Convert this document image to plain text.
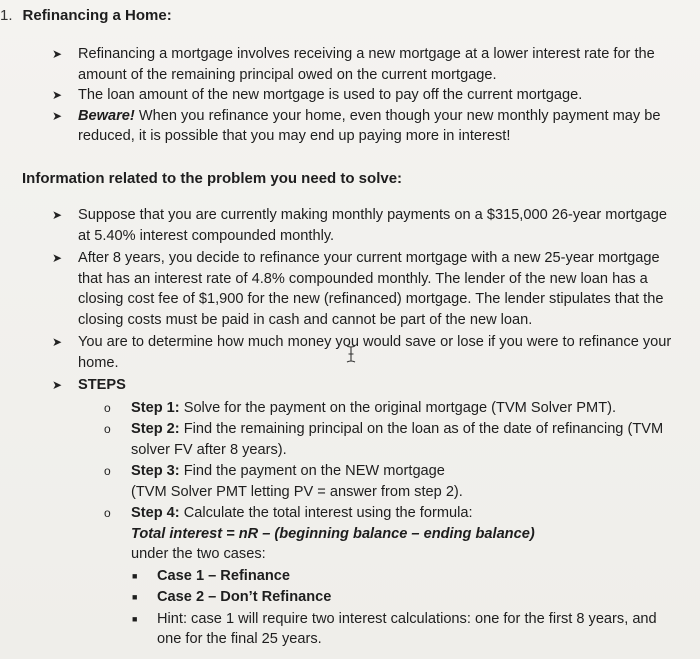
1. Refinancing a Home:
➤	Refinancing a mortgage involves receiving a new mortgage at a lower interest rate for the amount of the remaining principal owed on the current mortgage.
➤	The loan amount of the new mortgage is used to pay off the current mortgage.
➤	Beware! When you refinance your home, even though your new monthly payment may be reduced, it is possible that you may end up paying more in interest!
Information related to the problem you need to solve:
➤	Suppose that you are currently making monthly payments on a $315,000 26-year mortgage at 5.40% interest compounded monthly.
➤	After 8 years, you decide to refinance your current mortgage with a new 25-year mortgage that has an interest rate of 4.8% compounded monthly. The lender of the new loan has a closing cost fee of $1,900 for the new (refinanced) mortgage. The lender stipulates that the closing costs must be paid in cash and cannot be part of the new loan.
➤	You are to determine how much money yo
u would save or lose if you were to refinance your home.
➤	STEPS
o	Step 1: Solve for the payment on the original mortgage (TVM Solver PMT).
o	Step 2: Find the remaining principal on the loan as of the date of refinancing (TVM solver FV after 8 years).
o	Step 3: Find the payment on the NEW mortgage
(TVM Solver PMT letting PV = answer from step 2).
o	Step 4: Calculate the total interest using the formula:
Total interest = nR – (beginning balance – ending balance)
under the two cases:
■	Case 1 – Refinance
■	Case 2 – Don’t Refinance
■	Hint: case 1 will require two interest calculations: one for the first 8 years, and one for the final 25 years.
